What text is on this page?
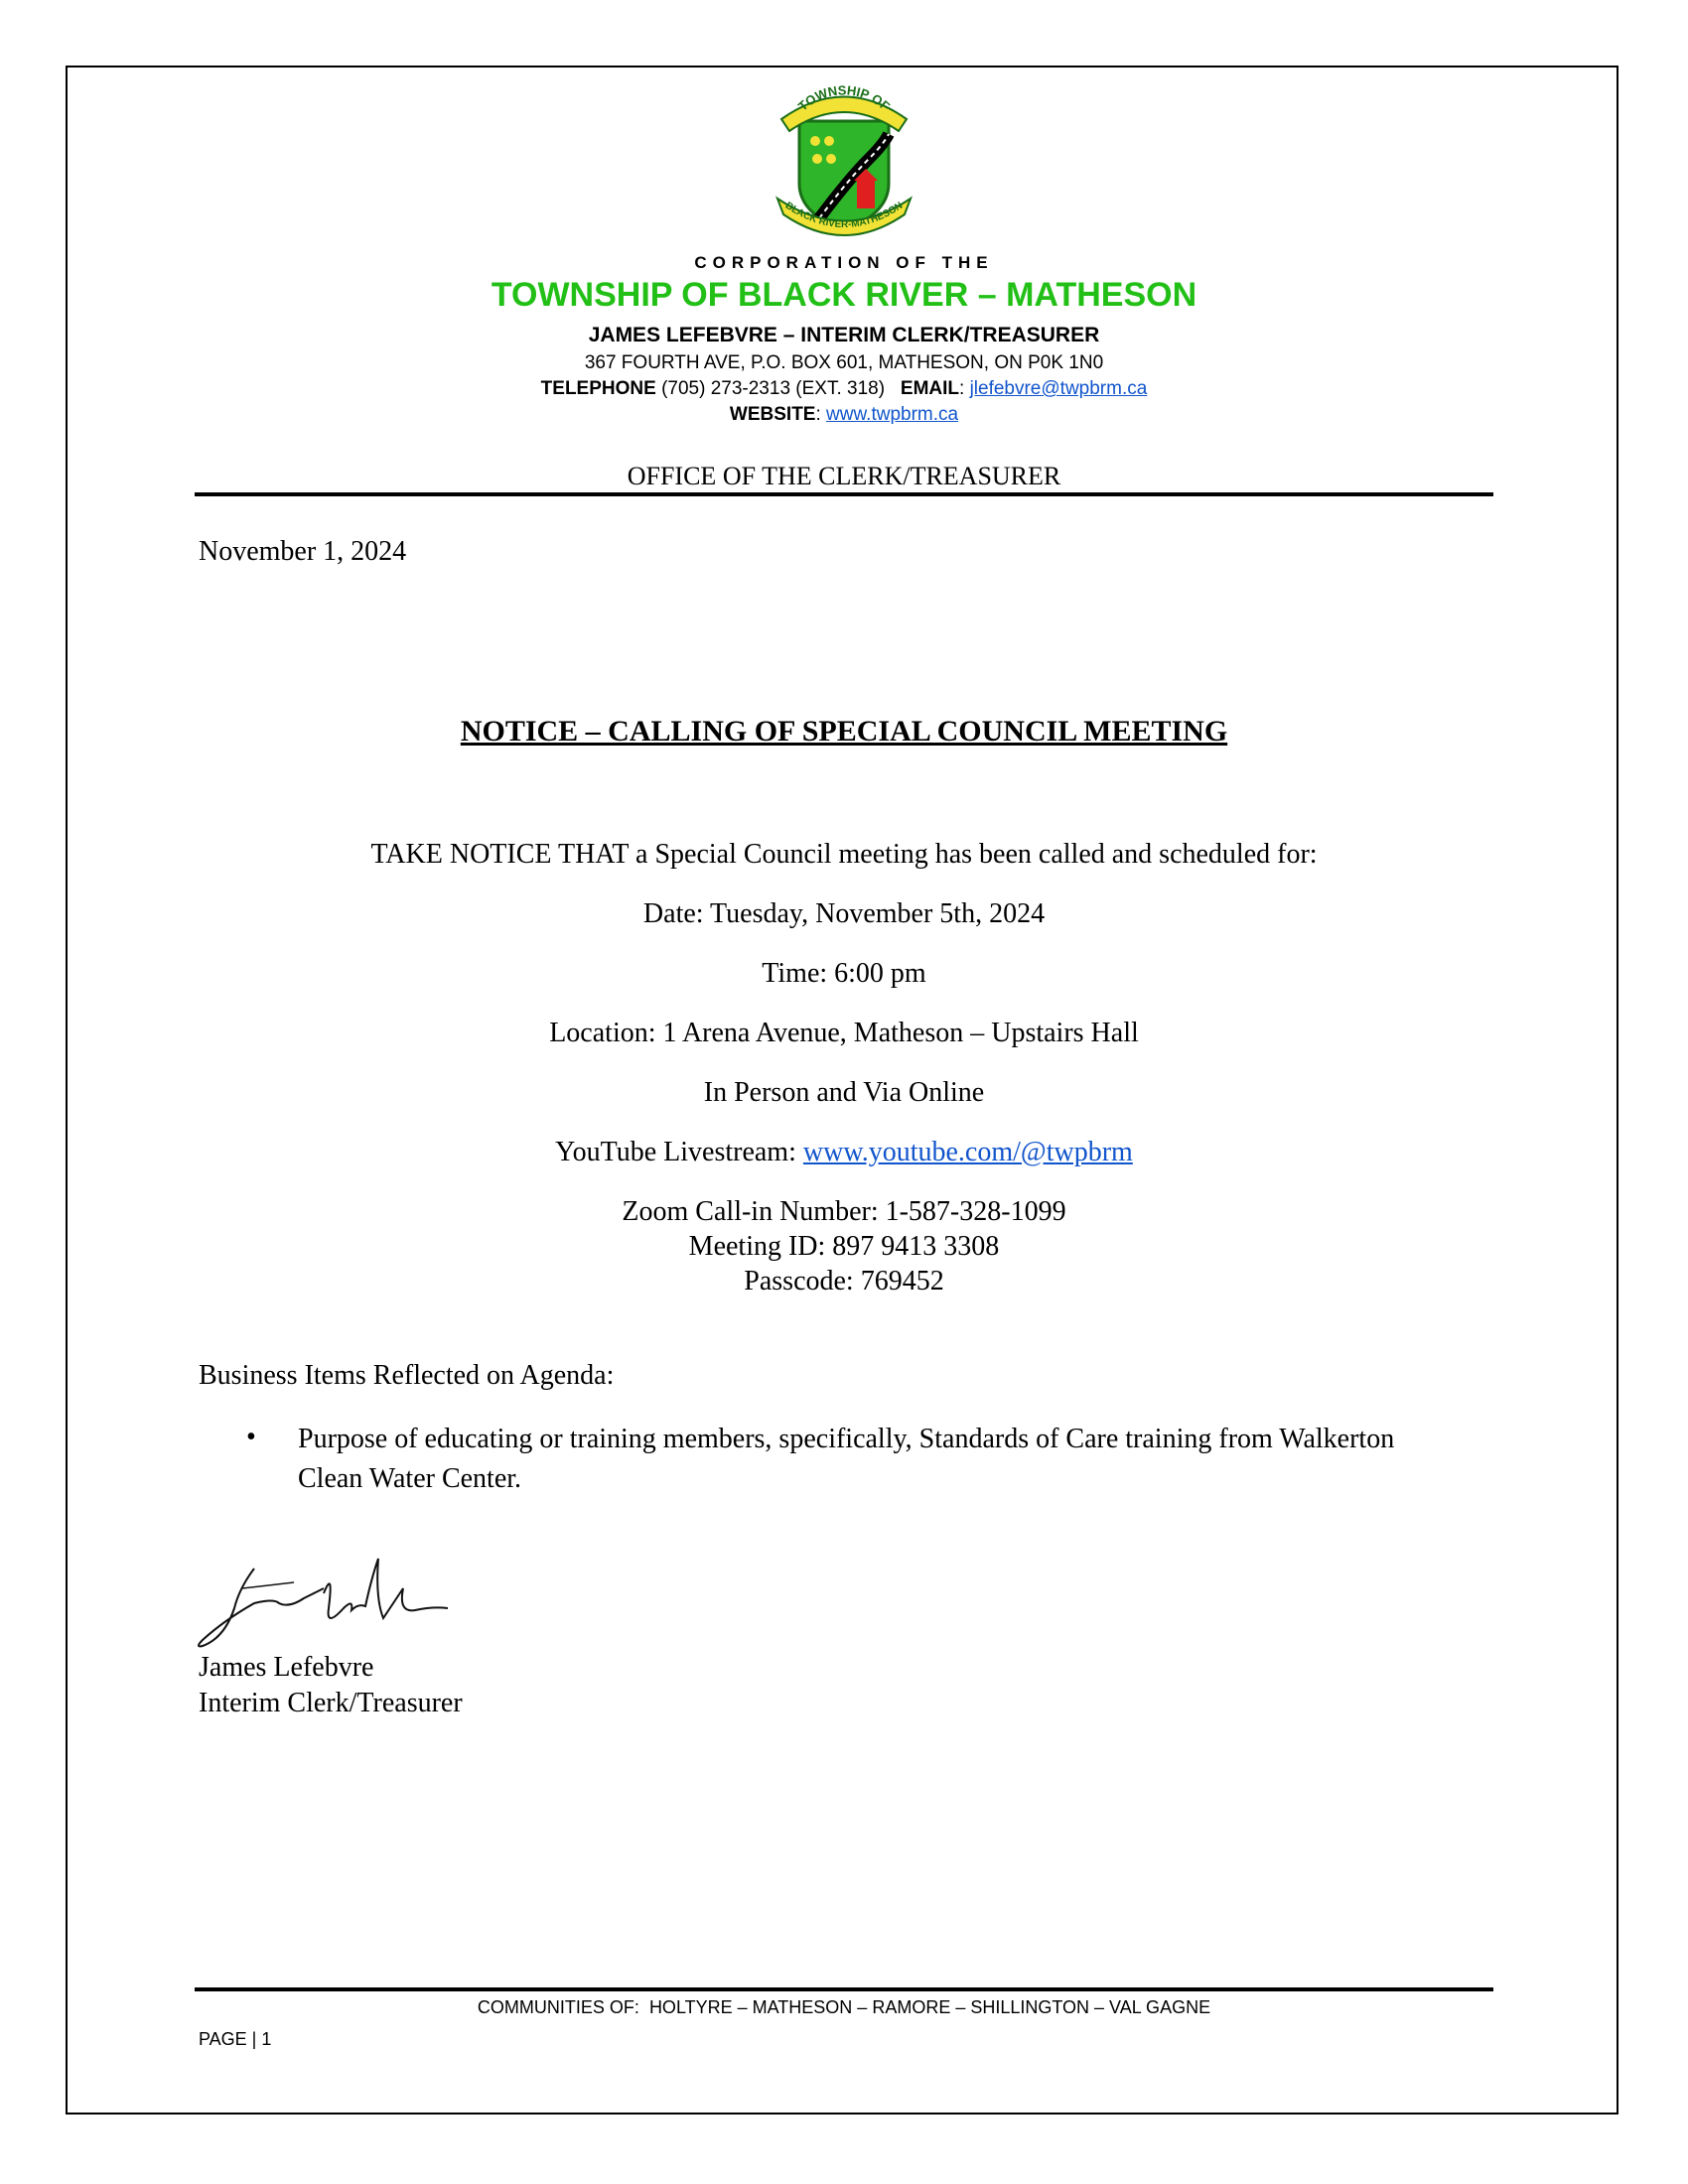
TOWNSHIP OF
BLACK RIVER-MATHESON
CORPORATION OF THE
TOWNSHIP OF BLACK RIVER – MATHESON
JAMES LEFEBVRE – INTERIM CLERK/TREASURER
367 FOURTH AVE, P.O. BOX 601, MATHESON, ON P0K 1N0
TELEPHONE (705) 273-2313 (EXT. 318) EMAIL: jlefebvre@twpbrm.ca
WEBSITE: www.twpbrm.ca
OFFICE OF THE CLERK/TREASURER
November 1, 2024
NOTICE – CALLING OF SPECIAL COUNCIL MEETING
TAKE NOTICE THAT a Special Council meeting has been called and scheduled for:
Date: Tuesday, November 5th, 2024
Time: 6:00 pm
Location: 1 Arena Avenue, Matheson – Upstairs Hall
In Person and Via Online
YouTube Livestream: www.youtube.com/@twpbrm
Zoom Call-in Number: 1-587-328-1099
Meeting ID: 897 9413 3308
Passcode: 769452
Business Items Reflected on Agenda:
• Purpose of educating or training members, specifically, Standards of Care training from Walkerton Clean Water Center.
James Lefebvre
Interim Clerk/Treasurer
COMMUNITIES OF: HOLTYRE – MATHESON – RAMORE – SHILLINGTON – VAL GAGNE
PAGE | 1
